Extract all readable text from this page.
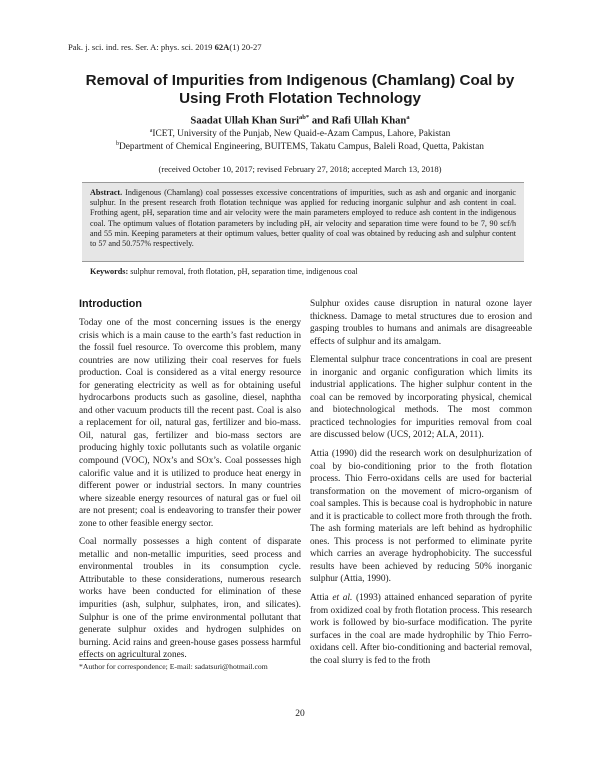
Pak. j. sci. ind. res. Ser. A: phys. sci. 2019 62A(1) 20-27
Removal of Impurities from Indigenous (Chamlang) Coal by
Using Froth Flotation Technology
Saadat Ullah Khan Suri$^{ab*}$ and Rafi Ullah Khan$^a$
$^a$ICET, University of the Punjab, New Quaid-e-Azam Campus, Lahore, Pakistan
$^b$Department of Chemical Engineering, BUITEMS, Takatu Campus, Baleli Road, Quetta, Pakistan
(received October 10, 2017; revised February 27, 2018; accepted March 13, 2018)
Abstract. Indigenous (Chamlang) coal possesses excessive concentrations of impurities, such as ash and organic and inorganic sulphur. In the present research froth flotation technique was applied for reducing inorganic sulphur and ash content in coal. Frothing agent, pH, separation time and air velocity were the main parameters employed to reduce ash content in the indigenous coal. The optimum values of flotation parameters by including pH, air velocity and separation time were found to be 7, 90 scf/h and 55 min. Keeping parameters at their optimum values, better quality of coal was obtained by reducing ash and sulphur content to 57 and 50.757% respectively.
Keywords: sulphur removal, froth flotation, pH, separation time, indigenous coal
Introduction

Today one of the most concerning issues is the energy crisis which is a main cause to the earth’s fast reduction in the fossil fuel resource. To overcome this problem, many countries are now utilizing their coal reserves for fuels production. Coal is considered as a vital energy resource for generating electricity as well as for obtaining useful hydrocarbons products such as gasoline, diesel, naphtha and other vacuum products till the recent past. Coal is also a replacement for oil, natural gas, fertilizer and bio-mass. Oil, natural gas, fertilizer and bio-mass sectors are producing highly toxic pollutants such as volatile organic compound (VOC), NOx’s and SOx’s. Coal possesses high calorific value and it is utilized to produce heat energy in different power or industrial sectors. In many countries where sizeable energy resources of natural gas or fuel oil are not present; coal is endeavoring to transfer their power zone to other feasible energy sector.

Coal normally possesses a high content of disparate metallic and non-metallic impurities, seed process and environmental troubles in its consumption cycle. Attributable to these considerations, numerous research works have been conducted for elimination of these impurities (ash, sulphur, sulphates, iron, and silicates). Sulphur is one of the prime environmental pollutant that generate sulphur oxides and hydrogen sulphides on burning. Acid rains and green-house gases possess harmful effects on agricultural zones.

Sulphur oxides cause disruption in natural ozone layer thickness. Damage to metal structures due to erosion and gasping troubles to humans and animals are disagreeable effects of sulphur and its amalgam.

Elemental sulphur trace concentrations in coal are present in inorganic and organic configuration which limits its industrial applications. The higher sulphur content in the coal can be removed by incorporating physical, chemical and biotechnological methods. The most common practiced technologies for impurities removal from coal are discussed below (UCS, 2012; ALA, 2011).

Attia (1990) did the research work on desulphurization of coal by bio-conditioning prior to the froth flotation process. Thio Ferro-oxidans cells are used for bacterial transformation on the movement of micro-organism of coal samples. This is because coal is hydrophobic in nature and it is practicable to collect more froth through the froth. The ash forming materials are left behind as hydrophilic ones. This process is not performed to eliminate pyrite which carries an average hydrophobicity. The successful results have been achieved by reducing 50% inorganic sulphur (Attia, 1990).

Attia et al. (1993) attained enhanced separation of pyrite from oxidized coal by froth flotation process. This research work is followed by bio-surface modification. The pyrite surfaces in the coal are made hydrophilic by Thio Ferro-oxidans cell. After bio-conditioning and bacterial removal, the coal slurry is fed to the froth

*Author for correspondence; E-mail: sadatsuri@hotmail.com
20
